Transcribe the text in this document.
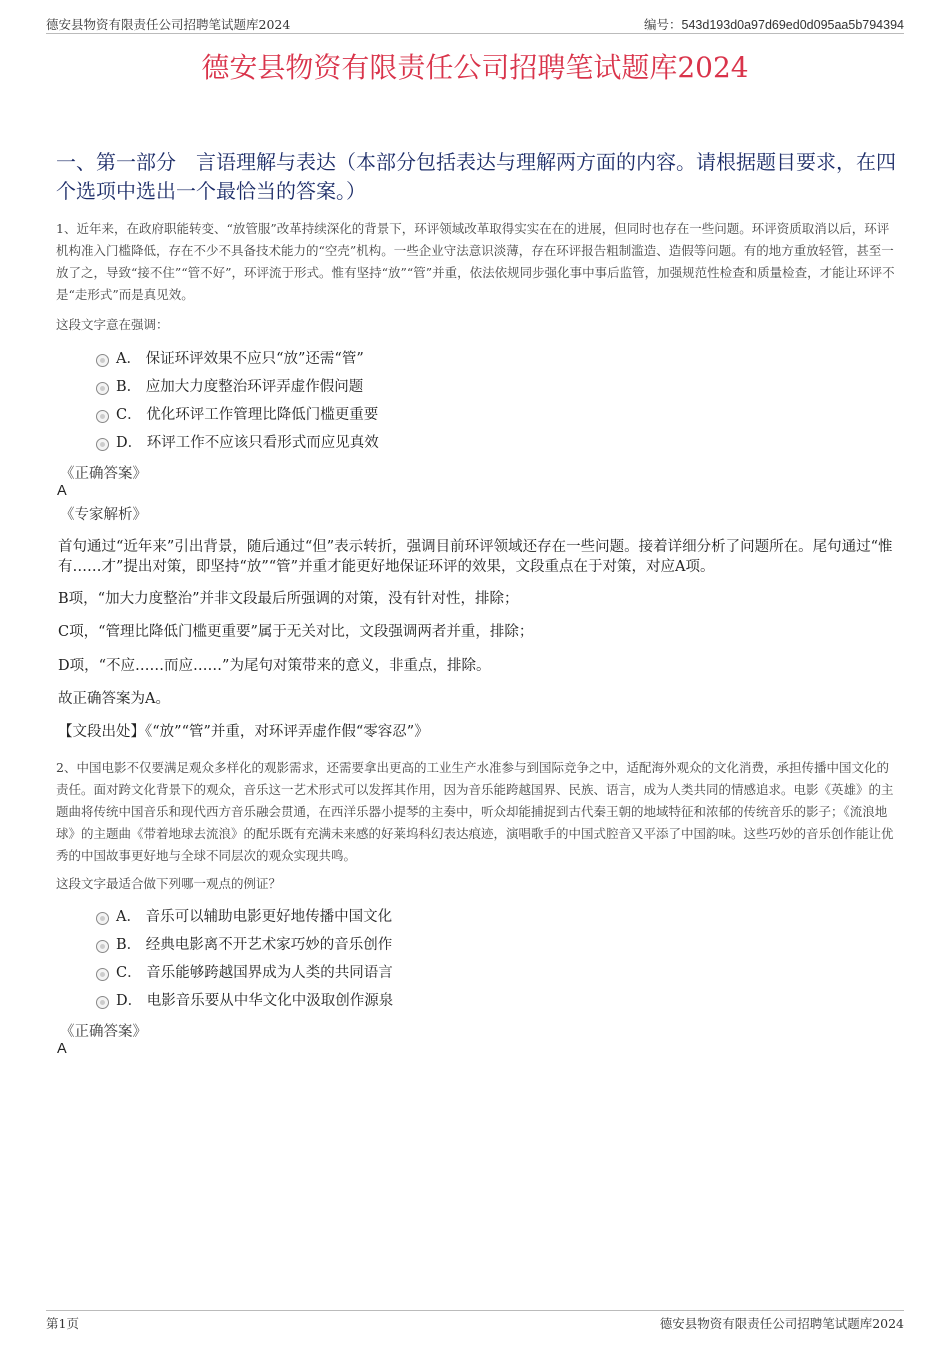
德安县物资有限责任公司招聘笔试题库2024	编号：543d193d0a97d69ed0d095aa5b794394
德安县物资有限责任公司招聘笔试题库2024
一、第一部分　言语理解与表达（本部分包括表达与理解两方面的内容。请根据题目要求，在四个选项中选出一个最恰当的答案。）
1、近年来，在政府职能转变、“放管服”改革持续深化的背景下，环评领域改革取得实实在在的进展，但同时也存在一些问题。环评资质取消以后，环评机构准入门槛降低，存在不少不具备技术能力的“空壳”机构。一些企业守法意识淡薄，存在环评报告粗制滥造、造假等问题。有的地方重放轻管，甚至一放了之，导致“接不住”“管不好”，环评流于形式。惟有坚持“放”“管”并重，依法依规同步强化事中事后监管，加强规范性检查和质量检查，才能让环评不是“走形式”而是真见效。
这段文字意在强调：
A． 保证环评效果不应只“放”还需“管”
B． 应加大力度整治环评弄虚作假问题
C． 优化环评工作管理比降低门槛更重要
D． 环评工作不应该只看形式而应见真效
《正确答案》
A
《专家解析》
首句通过“近年来”引出背景，随后通过“但”表示转折，强调目前环评领域还存在一些问题。接着详细分析了问题所在。尾句通过“惟有……才”提出对策，即坚持“放”“管”并重才能更好地保证环评的效果，文段重点在于对策，对应A项。
B项，“加大力度整治”并非文段最后所强调的对策，没有针对性，排除；
C项，“管理比降低门槛更重要”属于无关对比，文段强调两者并重，排除；
D项，“不应……而应……”为尾句对策带来的意义，非重点，排除。
故正确答案为A。
【文段出处】《“放”“管”并重，对环评弄虚作假“零容忍”》
2、中国电影不仅要满足观众多样化的观影需求，还需要拿出更高的工业生产水准参与到国际竞争之中，适配海外观众的文化消费，承担传播中国文化的责任。面对跨文化背景下的观众，音乐这一艺术形式可以发挥其作用，因为音乐能跨越国界、民族、语言，成为人类共同的情感追求。电影《英雄》的主题曲将传统中国音乐和现代西方音乐融会贯通，在西洋乐器小提琴的主奏中，听众却能捕捉到古代秦王朝的地域特征和浓郁的传统音乐的影子；《流浪地球》的主题曲《带着地球去流浪》的配乐既有充满未来感的好莱坞科幻表达痕迹，演唱歌手的中国式腔音又平添了中国韵味。这些巧妙的音乐创作能让优秀的中国故事更好地与全球不同层次的观众实现共鸣。
这段文字最适合做下列哪一观点的例证？
A． 音乐可以辅助电影更好地传播中国文化
B． 经典电影离不开艺术家巧妙的音乐创作
C． 音乐能够跨越国界成为人类的共同语言
D． 电影音乐要从中华文化中汲取创作源泉
《正确答案》
A
第1页	德安县物资有限责任公司招聘笔试题库2024
